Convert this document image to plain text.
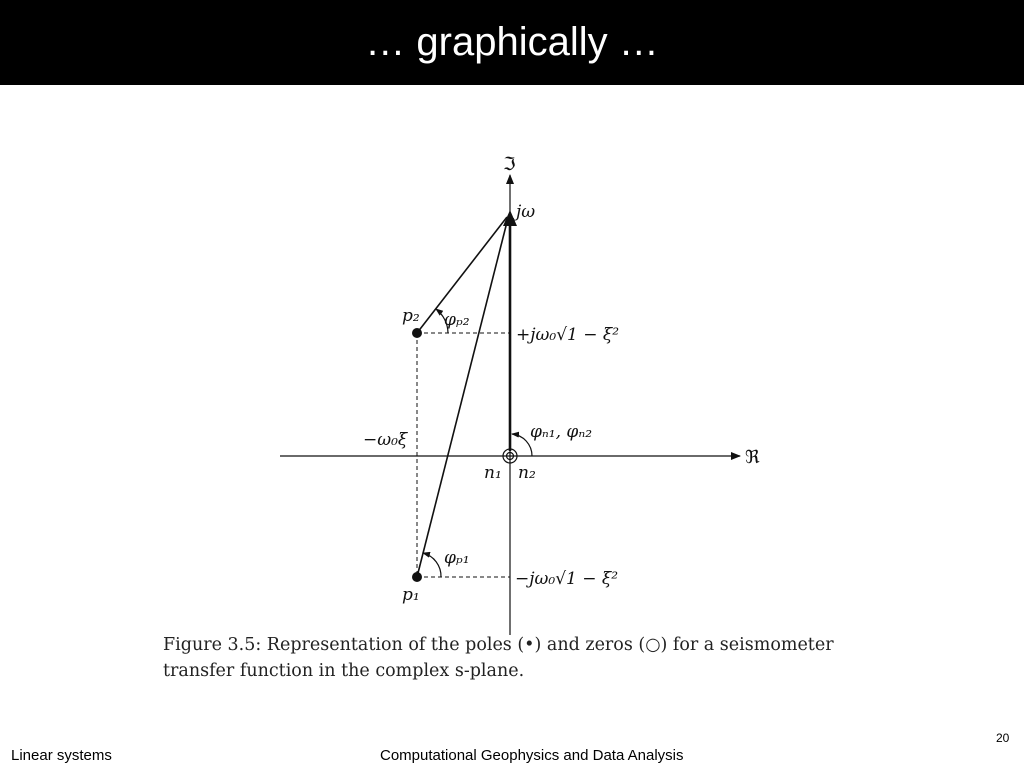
… graphically …
ℑ
ℜ
jω
p₂ φₚ₂
+jω₀√1 − ξ²
φₙ₁, φₙ₂
−ω₀ξ
n₁ n₂
φₚ₁
−jω₀√1 − ξ²
p₁
Figure 3.5: Representation of the poles (•) and zeros (○) for a seismometer
transfer function in the complex s-plane.
20
Linear systems	Computational Geophysics and Data Analysis
